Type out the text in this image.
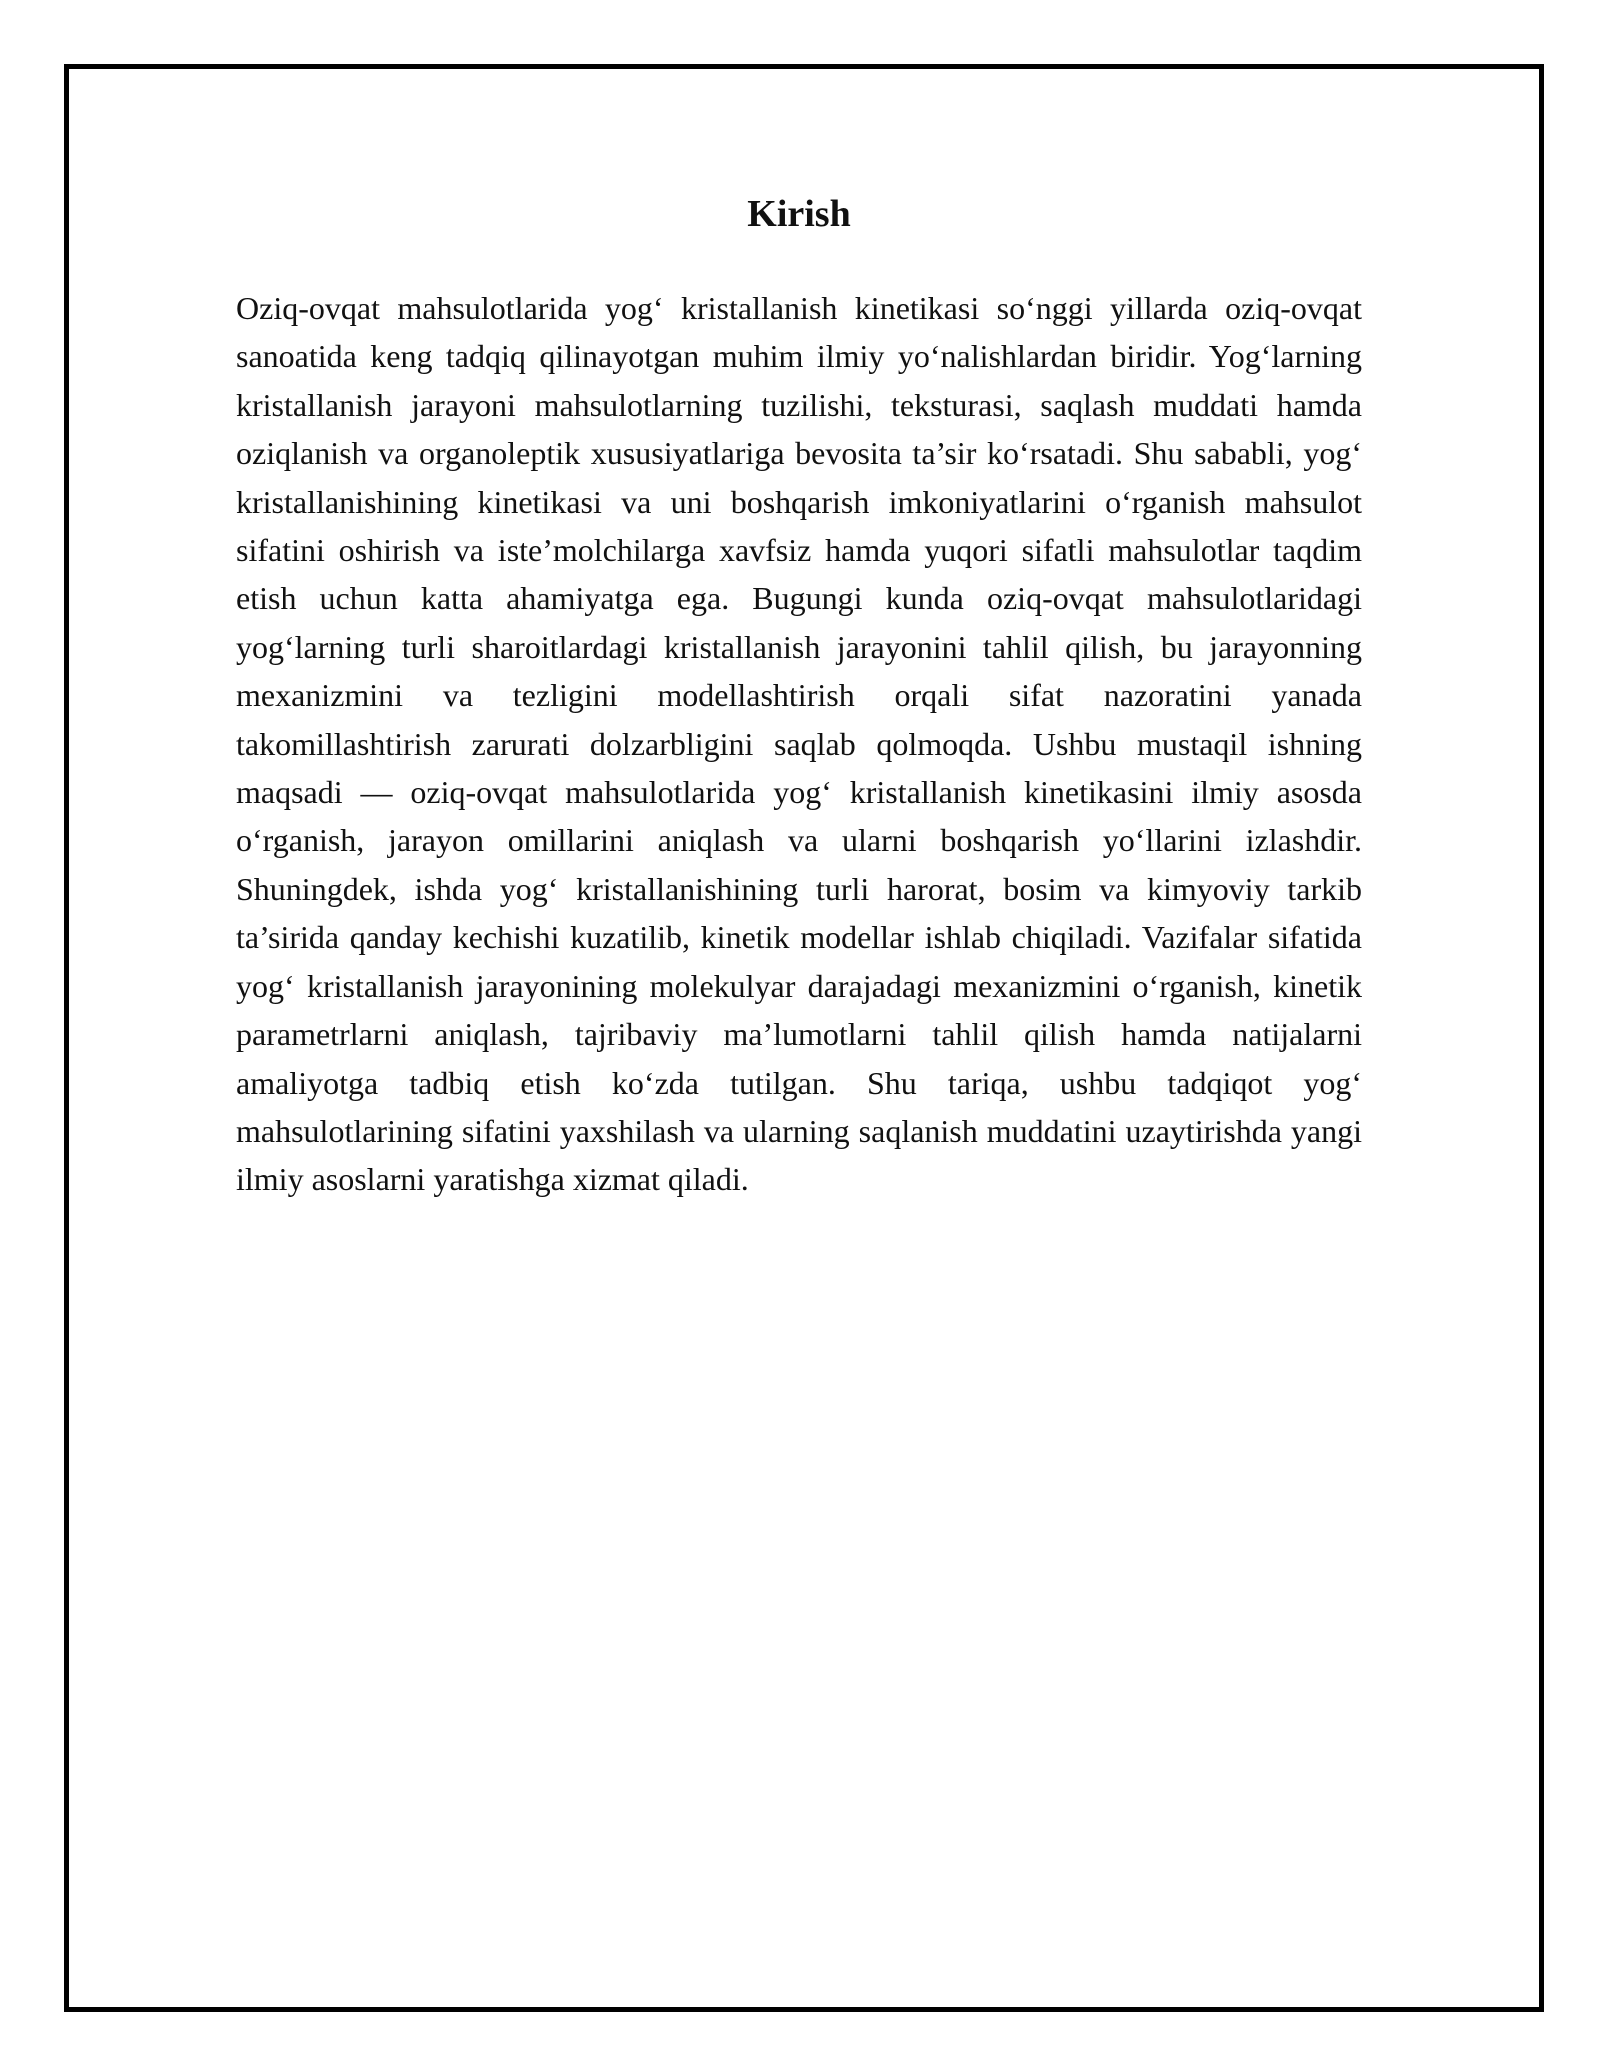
Kirish

Oziq-ovqat mahsulotlarida yog‘ kristallanish kinetikasi so‘nggi yillarda oziq-ovqat sanoatida keng tadqiq qilinayotgan muhim ilmiy yo‘nalishlardan biridir. Yog‘larning kristallanish jarayoni mahsulotlarning tuzilishi, teksturasi, saqlash muddati hamda oziqlanish va organoleptik xususiyatlariga bevosita ta’sir ko‘rsatadi. Shu sababli, yog‘ kristallanishining kinetikasi va uni boshqarish imkoniyatlarini o‘rganish mahsulot sifatini oshirish va iste’molchilarga xavfsiz hamda yuqori sifatli mahsulotlar taqdim etish uchun katta ahamiyatga ega. Bugungi kunda oziq-ovqat mahsulotlaridagi yog‘larning turli sharoitlardagi kristallanish jarayonini tahlil qilish, bu jarayonning mexanizmini va tezligini modellashtirish orqali sifat nazoratini yanada takomillashtirish zarurati dolzarbligini saqlab qolmoqda. Ushbu mustaqil ishning maqsadi — oziq-ovqat mahsulotlarida yog‘ kristallanish kinetikasini ilmiy asosda o‘rganish, jarayon omillarini aniqlash va ularni boshqarish yo‘llarini izlashdir. Shuningdek, ishda yog‘ kristallanishining turli harorat, bosim va kimyoviy tarkib ta’sirida qanday kechishi kuzatilib, kinetik modellar ishlab chiqiladi. Vazifalar sifatida yog‘ kristallanish jarayonining molekulyar darajadagi mexanizmini o‘rganish, kinetik parametrlarni aniqlash, tajribaviy ma’lumotlarni tahlil qilish hamda natijalarni amaliyotga tadbiq etish ko‘zda tutilgan. Shu tariqa, ushbu tadqiqot yog‘ mahsulotlarining sifatini yaxshilash va ularning saqlanish muddatini uzaytirishda yangi ilmiy asoslarni yaratishga xizmat qiladi.
